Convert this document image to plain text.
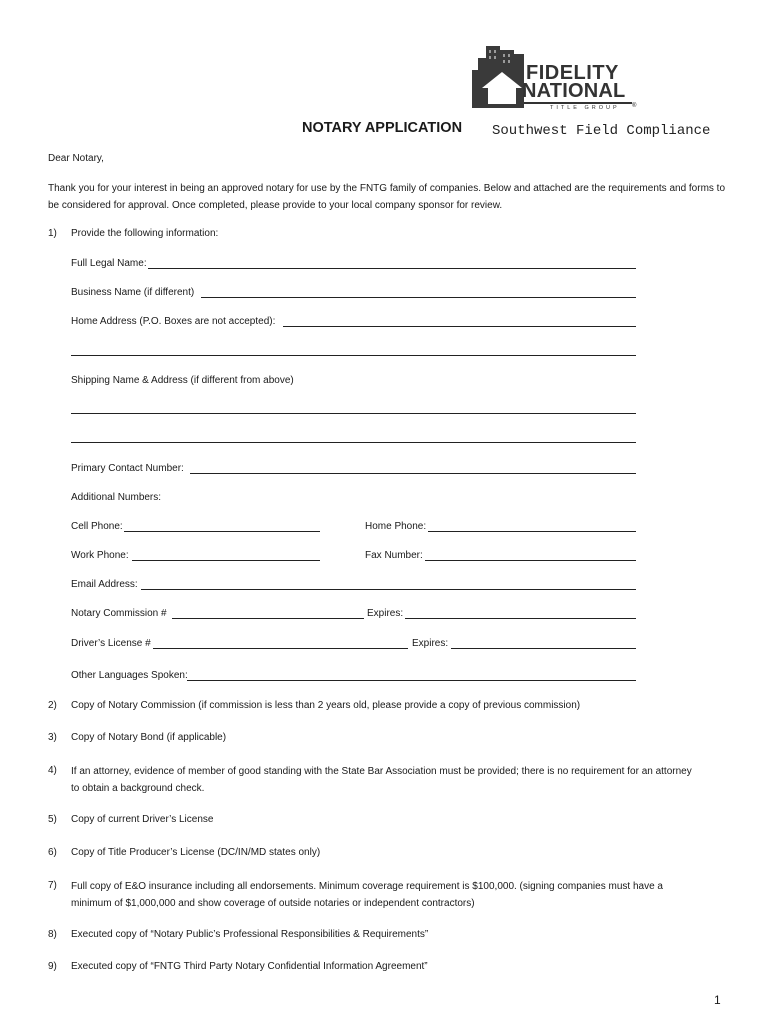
FIDELITY
NATIONAL
TITLE GROUP ®
NOTARY APPLICATION Southwest Field Compliance
Dear Notary,
Thank you for your interest in being an approved notary for use by the FNTG family of companies. Below and attached are the requirements and forms to be considered for approval. Once completed, please provide to your local company sponsor for review.
1) Provide the following information:
Full Legal Name:
Business Name (if different)
Home Address (P.O. Boxes are not accepted):
Shipping Name & Address (if different from above)
Primary Contact Number:
Additional Numbers:
Cell Phone:	Home Phone:
Work Phone:	Fax Number:
Email Address:
Notary Commission #	Expires:
Driver’s License #	Expires:
Other Languages Spoken:
2) Copy of Notary Commission (if commission is less than 2 years old, please provide a copy of previous commission)
3) Copy of Notary Bond (if applicable)
4) If an attorney, evidence of member of good standing with the State Bar Association must be provided; there is no requirement for an attorney to obtain a background check.
5) Copy of current Driver’s License
6) Copy of Title Producer’s License (DC/IN/MD states only)
7) Full copy of E&O insurance including all endorsements. Minimum coverage requirement is $100,000. (signing companies must have a minimum of $1,000,000 and show coverage of outside notaries or independent contractors)
8) Executed copy of “Notary Public’s Professional Responsibilities & Requirements”
9) Executed copy of “FNTG Third Party Notary Confidential Information Agreement”
1
